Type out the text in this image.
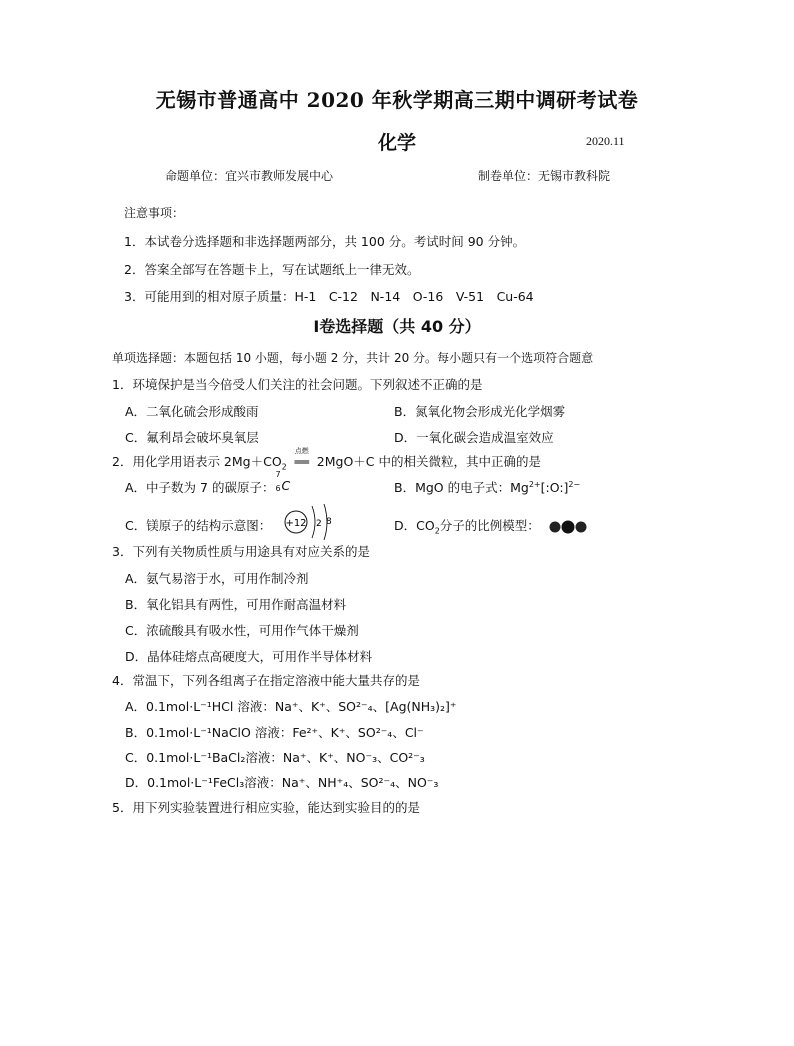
无锡市普通高中 2020 年秋学期高三期中调研考试卷
化学	2020.11
命题单位：宜兴市教师发展中心	制卷单位：无锡市教科院
注意事项：
1．本试卷分选择题和非选择题两部分，共 100 分。考试时间 90 分钟。
2．答案全部写在答题卡上，写在试题纸上一律无效。
3．可能用到的相对原子质量：H-1　C-12　N-14　O-16　V-51　Cu-64
Ⅰ卷选择题（共 40 分）
单项选择题：本题包括 10 小题，每小题 2 分，共计 20 分。每小题只有一个选项符合题意
1．环境保护是当今倍受人们关注的社会问题。下列叙述不正确的是
A．二氧化硫会形成酸雨	B．氮氧化物会形成光化学烟雾
C．氟利昂会破坏臭氧层	D．一氧化碳会造成温室效应
2．用化学用语表示 $2Mg+CO_2$
点燃
══ 2MgO＋C 中的相关微粒，其中正确的是
A．中子数为 7 的碳原子：
7
6 C	B．MgO 的电子式：$Mg^{2+}[:O:]^{2-}$
C．镁原子的结构示意图： +12 2 8	D．$CO_2$分子的比例模型：
3．下列有关物质性质与用途具有对应关系的是
A．氨气易溶于水，可用作制冷剂
B．氧化铝具有两性，可用作耐高温材料
C．浓硫酸具有吸水性，可用作气体干燥剂
D．晶体硅熔点高硬度大，可用作半导体材料
4．常温下，下列各组离子在指定溶液中能大量共存的是
A．0.1mol·L⁻¹HCl 溶液：Na⁺、K⁺、SO²⁻₄、[Ag(NH₃)₂]⁺
B．0.1mol·L⁻¹NaClO 溶液：Fe²⁺、K⁺、SO²⁻₄、Cl⁻
C．0.1mol·L⁻¹BaCl₂溶液：Na⁺、K⁺、NO⁻₃、CO²⁻₃
D．0.1mol·L⁻¹FeCl₃溶液：Na⁺、NH⁺₄、SO²⁻₄、NO⁻₃
5．用下列实验装置进行相应实验，能达到实验目的的是
